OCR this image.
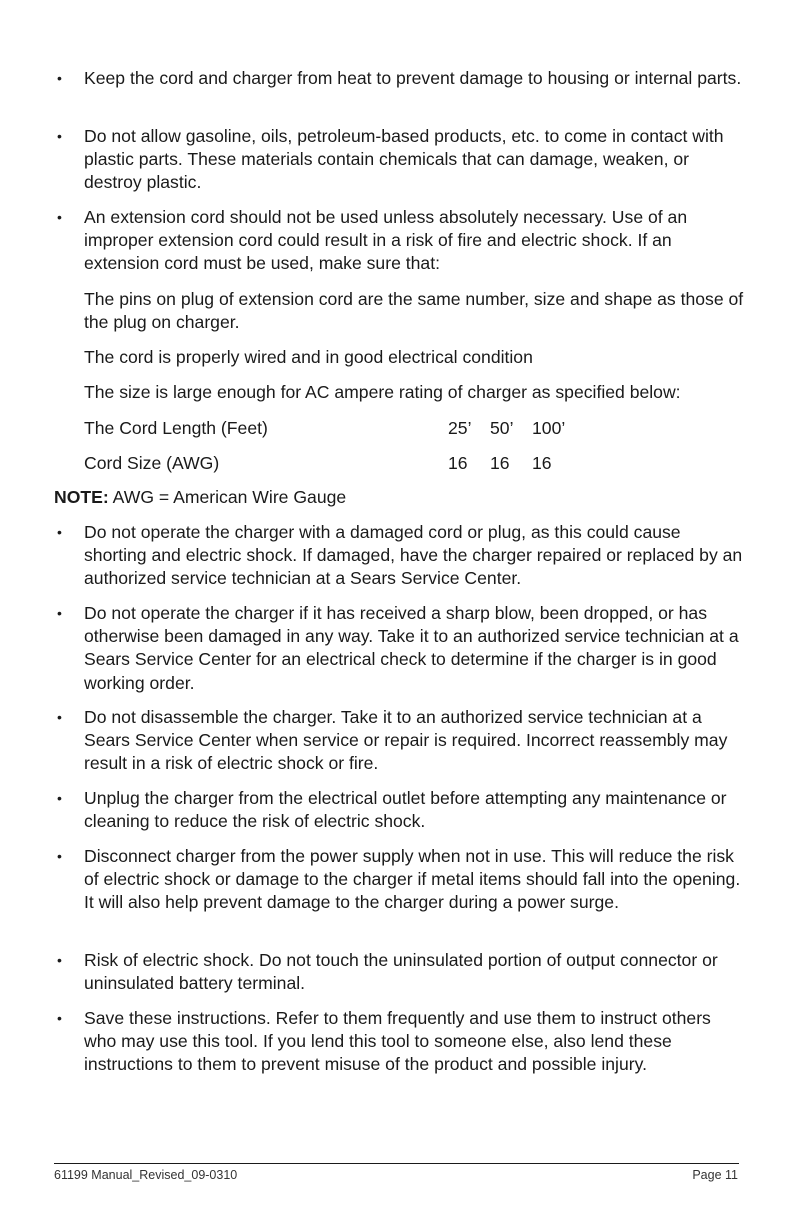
• Keep the cord and charger from heat to prevent damage to housing or internal parts.

• Do not allow gasoline, oils, petroleum-based products, etc. to come in contact with plastic parts. These materials contain chemicals that can damage, weaken, or destroy plastic.

• An extension cord should not be used unless absolutely necessary. Use of an improper extension cord could result in a risk of fire and electric shock. If an extension cord must be used, make sure that:

The pins on plug of extension cord are the same number, size and shape as those of the plug on charger.

The cord is properly wired and in good electrical condition

The size is large enough for AC ampere rating of charger as specified below:

The Cord Length (Feet)	25’ 50’ 100’
Cord Size (AWG)	16 16 16

NOTE: AWG = American Wire Gauge

• Do not operate the charger with a damaged cord or plug, as this could cause shorting and electric shock. If damaged, have the charger repaired or replaced by an authorized service technician at a Sears Service Center.

• Do not operate the charger if it has received a sharp blow, been dropped, or has otherwise been damaged in any way. Take it to an authorized service technician at a Sears Service Center for an electrical check to determine if the charger is in good working order.

• Do not disassemble the charger. Take it to an authorized service technician at a Sears Service Center when service or repair is required. Incorrect reassembly may result in a risk of electric shock or fire.

• Unplug the charger from the electrical outlet before attempting any maintenance or cleaning to reduce the risk of electric shock.

• Disconnect charger from the power supply when not in use. This will reduce the risk of electric shock or damage to the charger if metal items should fall into the opening. It will also help prevent damage to the charger during a power surge.

• Risk of electric shock. Do not touch the uninsulated portion of output connector or uninsulated battery terminal.

• Save these instructions. Refer to them frequently and use them to instruct others who may use this tool. If you lend this tool to someone else, also lend these instructions to them to prevent misuse of the product and possible injury.

61199 Manual_Revised_09-0310	Page 11
